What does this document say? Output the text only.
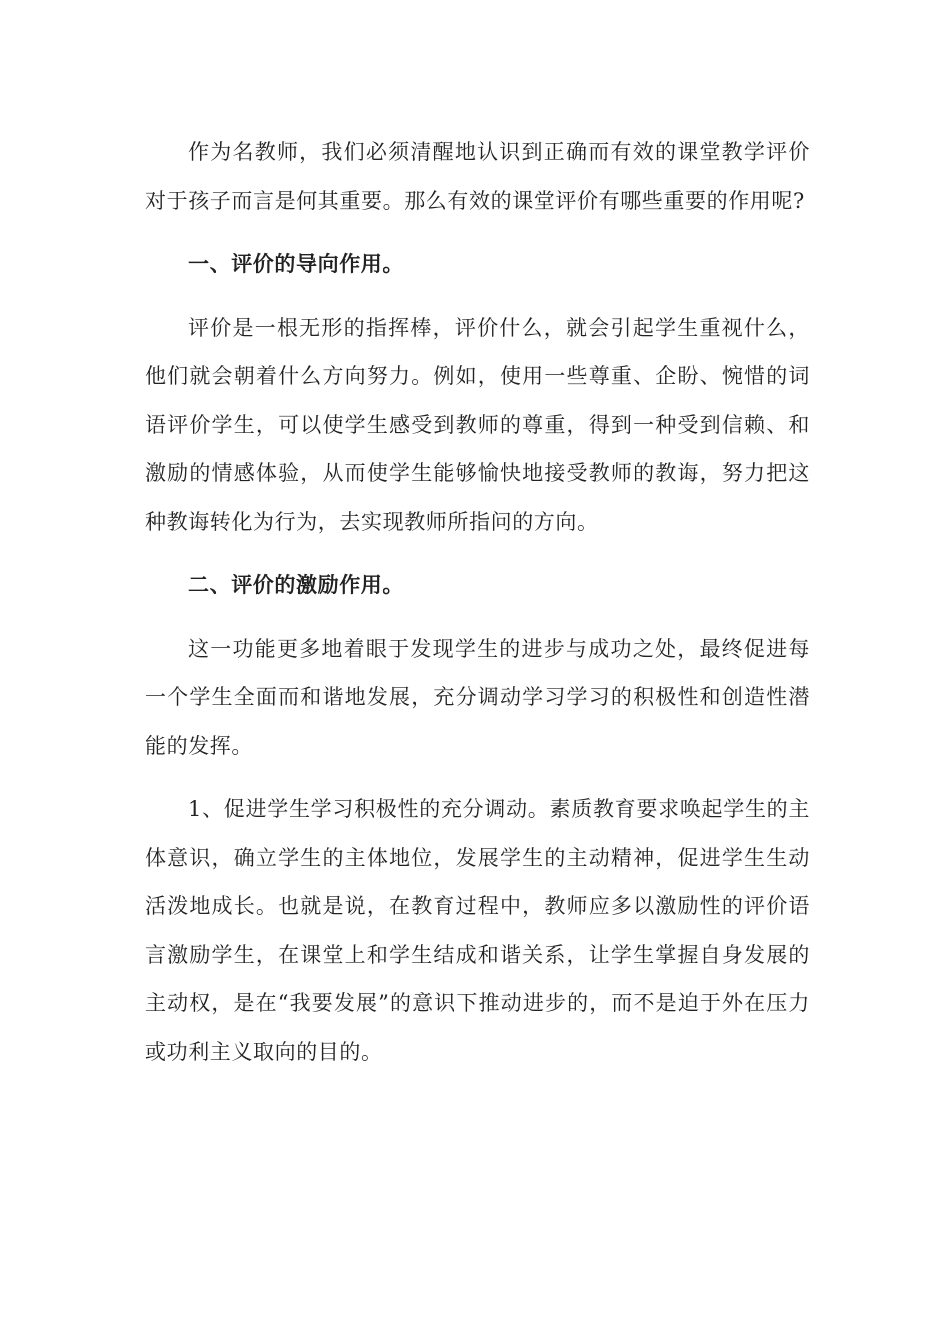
作为名教师，我们必须清醒地认识到正确而有效的课堂教学评价对于孩子而言是何其重要。那么有效的课堂评价有哪些重要的作用呢?

一、评价的导向作用。

评价是一根无形的指挥棒，评价什么，就会引起学生重视什么，他们就会朝着什么方向努力。例如，使用一些尊重、企盼、惋惜的词语评价学生，可以使学生感受到教师的尊重，得到一种受到信赖、和激励的情感体验，从而使学生能够愉快地接受教师的教诲，努力把这种教诲转化为行为，去实现教师所指问的方向。

二、评价的激励作用。

这一功能更多地着眼于发现学生的进步与成功之处，最终促进每一个学生全面而和谐地发展，充分调动学习学习的积极性和创造性潜能的发挥。

1、促进学生学习积极性的充分调动。素质教育要求唤起学生的主体意识，确立学生的主体地位，发展学生的主动精神，促进学生生动活泼地成长。也就是说，在教育过程中，教师应多以激励性的评价语言激励学生，在课堂上和学生结成和谐关系，让学生掌握自身发展的主动权，是在“我要发展”的意识下推动进步的，而不是迫于外在压力或功利主义取向的目的。
